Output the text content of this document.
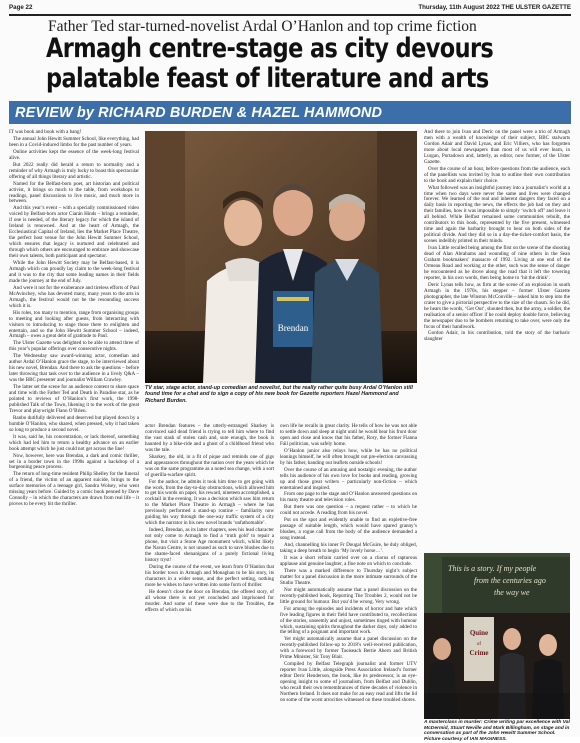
Page 22	Thursday, 11th August 2022 THE ULSTER GAZETTE
Father Ted star-turned-novelist Ardal O’Hanlon and top crime fiction
Armagh centre-stage as city devours
palatable feast of literature and arts
REVIEW by RICHARD BURDEN & HAZEL HAMMOND

IT was book and book with a bang!

The annual John Hewitt Summer School, like everything, had been in a Covid-induced limbo for the past number of years.

Online activities kept the essence of the week-long festival alive.

But 2022 really did herald a return to normality and a reminder of why Armagh is truly lucky to boast this spectacular offering of all things literary and artistic.

Named for the Belfast-born poet, art historian and political activist, it brings so much to the table, from workshops to readings, panel discussions to live music, and much more in between.

And this year’s event – with a specially commissioned video voiced by Belfast-born actor Ciarán Hinds – brings a reminder, if one is needed, of the literary legacy for which the island of Ireland is renowned. And at the heart of Armagh, the Ecclesiastical Capital of Ireland, lies the Market Place Theatre, the perfect host venue for the John Hewitt Summer School, which ensures that legacy is nurtured and celebrated and through which others are encouraged to embrace and showcase their own talents, both participant and spectator.

While the John Hewitt Society may be Belfast-based, it is Armagh which can proudly lay claim to the week-long festival and it was to the city that some leading names in their fields made the journey at the end of July.

And were it not for the exuberance and tireless efforts of Paul McAvinchey, who has devoted many, many years to the arts in Armagh, the festival would not be the resounding success which it is.

His roles, too many to mention, range from organising groups to meeting and looking after guests, from interacting with visitors to introducing to stage those there to enlighten and entertain, and so the John Hewitt Summer School – indeed, Armagh – owes a great debt of gratitude to Paul.

The Ulster Gazette was delighted to be able to attend three of this year’s popular offerings over consecutive nights.

The Wednesday saw award-winning actor, comedian and author Ardal O’Hanlon grace the stage, to be interviewed about his new novel, Brendan. And there to ask the questions – before later throwing that task over to the audience in a lively Q&A – was the BBC presenter and journalist William Crawley.

The latter set the scene for an audience content to share space and time with the Father Ted and Death in Paradise star, as he pointed to reviews of O’Hanlon’s first work, the 1998-published Talk of the Town, likening it to the work of the great Trevor and playwright Flann O’Brien.

Ranbo dutifully delivered and deserved but played down by a humble O’Hanlon, who shared, when pressed, why it had taken so long to produce a second novel.

It was, said he, his concentration, or lack thereof, something which had led him to return a healthy advance on an earlier book attempt which he just could not get across the line!

Now, however, here was Brendan, a dark and comic thriller, set in a border town in the 1990s against a backdrop of a burgeoning peace process.

The return of long-time resident Philip Shelley for the funeral of a friend, the victim of an apparent suicide, brings to the surface memories of a teenage girl, Sandra Wolsey, who went missing years before. Guided by a comic book penned by Dave Connolly – in which the characters are drawn from real life – it proves to be every bit the thriller.

Brendan
TV star, stage actor, stand-up comedian and novelist, but the really rather quite busy Ardal O’Hanlon still found time for a chat and to sign a copy of his new book for Gazette reporters Hazel Hammond and Richard Burden.

actor Brendan features – the utterly-estranged Sharkey is convinced said dead friend is trying to tell him where to find the vast stash of stolen cash and, sure enough, the book is haunted by a bike-ride and a ghost of a childhood friend who was the tale.

Sharkey, the old, in a fit of pique and reminds one of gigs and appearances throughout the nation over the years which he was on the same programme as a noted sea change, with a sort of guerilla-warfare spirit.

For the author, he admits it took him time to get going with the work, from the day-to-day obstructions, which allowed him to get his words on paper, his reward, nineteen accomplished, a cocktail in the evening. It was a decision which saw him return to the Market Place Theatre in Armagh – where he has previously performed a stand-up routine – familiarity now guiding his way through the one-way traffic system of a city which the narrator in his new novel brands ‘unfathomable’.

Indeed, Brendan, as its latter chapters, sees his lead character not only come to Armagh to find a ‘truth gold’ to repair a phone, but visit a Stone Age monument which, whilst likely the Navan Centre, is not unused as such to save blushes due to the shame-faced shenanigans of a purely fictional living history tryst!

During the course of the event, we learn from O’Hanlon that his border town in Armagh and Monaghan to be his story, its characters in a wider sense, and the perfect setting, nothing more he wishes to have written into some form of thriller.

He doesn’t close the door on Brendan, the offered story, of all whose there is not yet concluded and imprisoned for murder. And some of these were due to the Troubles, the effects of which on his

own life he recalls in great clarity. He tells of how he was not able to settle down and sleep at night until he would hear his front door open and close and know that his father, Rory, the former Fianna Fáil politician, was safely home.

O’Hanlon junior also relays how, while he has no political leanings himself, he will often brought out pre-election canvassing by his father, handing out leaflets outside schools!

Over the course of an amusing and nostalgic evening, the author tells his audience of his own love for books and reading, growing up and those great writers – particularly non-fiction – which entertained and inspired.

From one page to the stage and O’Hanlon answered questions on his many theatre and television roles.

But there was one question – a request rather – to which he could not accede. A reading from his novel.

Put on the spot and evidently unable to find an expletive-free passage of suitable length, which would have spared granny’s blushes, a rogue call from the body of the audience demanded a song instead.

And, channelling his inner Fr Dougal McGuire, he duly obliged, taking a deep breath to begin ‘My lovely horse…’.

It was a short refrain carried over on a chorus of rapturous applause and genuine laughter, a fine note on which to conclude.

There was a marked difference to Thursday night’s subject matter for a panel discussion in the more intimate surrounds of the Studio Theatre.

Nor might automatically assume that a panel discussion on the recently-published book, Reporting The Troubles 2, would not be little ground for humour. But you’d be wrong. Very wrong.

For among the episodes and incidents of horror and hate which five leading figures in their field have contributed to, recollections of the stories, unseemly and unjust, sometimes tinged with humour which, sustaining spirits throughout the darker days, only added to the telling of a poignant and important work.

Yet might automatically assume that a panel discussion on the recently-published follow-up to 2018’s well-received publication, with a foreword by former Taoiseach Bertie Ahern and British Prime Minister, Sir Tony Blair.

Compiled by Belfast Telegraph journalist and former UTV reporter Ivan Little, alongside Press Association Ireland’s former editor Deric Henderson, the book, like its predecessor, is an eye-opening insight to some of journalism, from Belfast and Dublin, who recall their own remembrances of three decades of violence in Northern Ireland. It does not make for an easy read and lifts the lid on some of the worst atrocities witnessed on these troubled shores.

And there to join Ivan and Deric on the panel were a trio of Armagh men with a wealth of knowledge of their subject, BBC stalwarts Gordon Adair and David Lynas, and Eric Villiers, who has forgotten more about local newspapers than most of us will ever learn, in Lurgan, Portadown and, latterly, as editor, now former, of the Ulster Gazette.

Over the course of an hour, before questions from the audience, each of the panellists was invited by Ivan to outline their own contribution to the book and explain their choice.

What followed was an insightful journey into a journalist’s world at a time when two days were never the same and lives were changed forever. We learned of the real and inherent dangers they faced on a daily basis in reporting the news, the effects the job had on they and their families, how it was impossible to simply ‘switch off’ and leave it all behind. While Belfast remained some communities rebuilt, the contributors to this book, represented by the five present, witnessed time and again the barbarity brought to bear on both sides of the political divide. And they did so in a day-the-ticket-comfort basis, the scenes indelibly printed in their minds.

Ivan Little recalled being among the first on the scene of the shooting dead of Alan Abrahams and wounding of nine others in the Sean Graham bookmakers’ massacre of 1992. Living at one end of the Ormeau Road and working at the other, such was the sense of danger he encountered as he drove along the road that it left the towering reporter, in his own words, then being home to ‘hit the drink’.

Deric Lynas tells how, as firm at the scene of an explosion in south Armagh in the 1970s, his stepper – former Ulster Gazette photographer, the late Winston McConville – asked him to step into the crater to give a pictorial perspective to the size of the chasm. So he did, he hears the words, ‘Get Out’, shouted then, but the army, a soldier, the realisation of a senior officer if he could deploy double force, believing the newspaper duo to be bombers returning to take over, were only the focus of their handiwork.

Gordon Adair, in his contribution, told the story of the barbaric slaughter

This is a story. If my people
from the centuries ago
the way we
Quine
of
Crime
A masterclass in murder: Crime writing par excellence with Val McDermid, Stuart Neville and Mark Billingham, on stage and in conversation as part of the John Hewitt Summer School. Picture courtesy of IAN MAGINESS.
